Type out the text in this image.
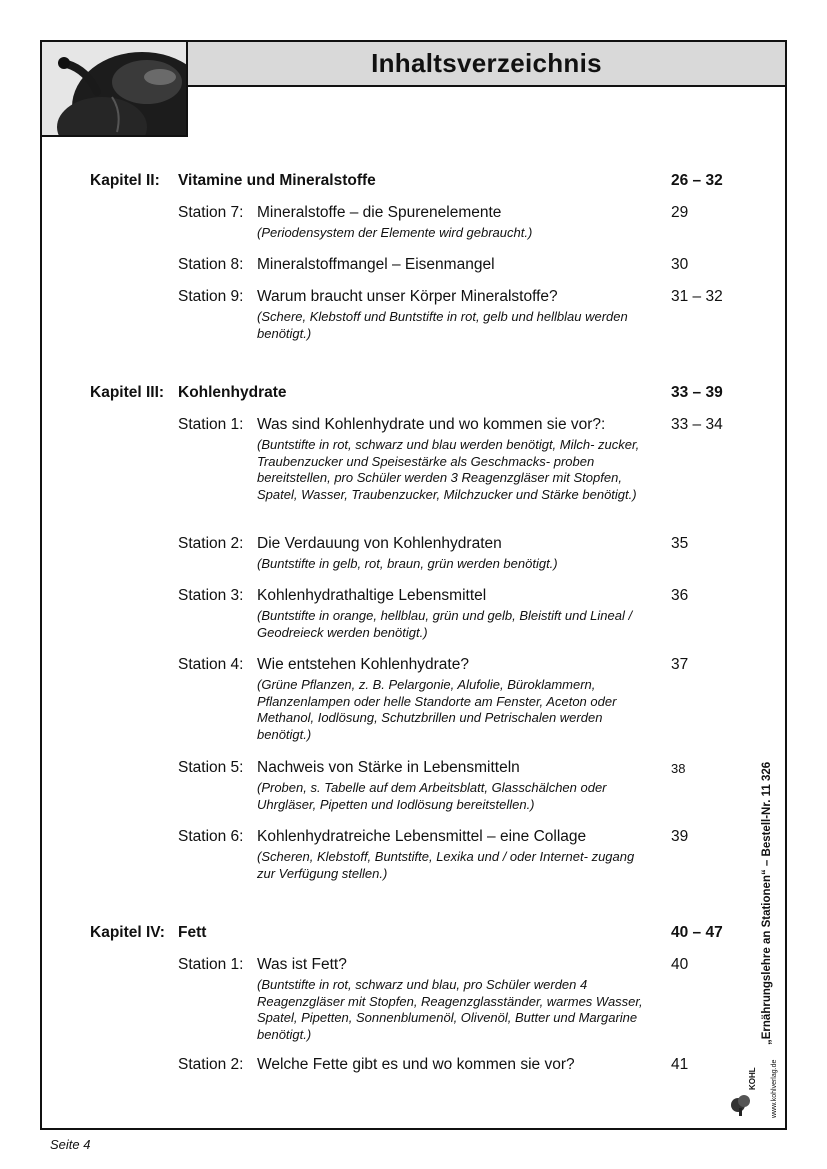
Inhaltsverzeichnis
Kapitel II:	Vitamine und Mineralstoffe	26 – 32
Station 7: Mineralstoffe – die Spurenelemente	29
(Periodensystem der Elemente wird gebraucht.)
Station 8: Mineralstoffmangel – Eisenmangel	30
Station 9: Warum braucht unser Körper Mineralstoffe?	31 – 32
(Schere, Klebstoff und Buntstifte in rot, gelb und hellblau werden benötigt.)
Kapitel III: Kohlenhydrate	33 – 39
Station 1: Was sind Kohlenhydrate und wo kommen sie vor?:	33 – 34
(Buntstifte in rot, schwarz und blau werden benötigt, Milch- zucker, Traubenzucker und Speisestärke als Geschmacks- proben bereitstellen, pro Schüler werden 3 Reagenzgläser mit Stopfen, Spatel, Wasser, Traubenzucker, Milchzucker und Stärke benötigt.)
Station 2: Die Verdauung von Kohlenhydraten	35
(Buntstifte in gelb, rot, braun, grün werden benötigt.)
Station 3: Kohlenhydrathaltige Lebensmittel	36
(Buntstifte in orange, hellblau, grün und gelb, Bleistift und Lineal / Geodreieck werden benötigt.)
Station 4: Wie entstehen Kohlenhydrate?	37
(Grüne Pflanzen, z. B. Pelargonie, Alufolie, Büroklammern, Pflanzenlampen oder helle Standorte am Fenster, Aceton oder Methanol, Iodlösung, Schutzbrillen und Petrischalen werden benötigt.)
Station 5: Nachweis von Stärke in Lebensmitteln	38
(Proben, s. Tabelle auf dem Arbeitsblatt, Glasschälchen oder Uhrgläser, Pipetten und Iodlösung bereitstellen.)
Station 6: Kohlenhydratreiche Lebensmittel – eine Collage	39
(Scheren, Klebstoff, Buntstifte, Lexika und / oder Internet- zugang zur Verfügung stellen.)
Kapitel IV: Fett	40 – 47
Station 1: Was ist Fett?	40
(Buntstifte in rot, schwarz und blau, pro Schüler werden 4 Reagenzgläser mit Stopfen, Reagenzglasständer, warmes Wasser, Spatel, Pipetten, Sonnenblumenöl, Olivenöl, Butter und Margarine benötigt.)
Station 2: Welche Fette gibt es und wo kommen sie vor?	41
„Ernährungslehre an Stationen“ – Bestell-Nr. 11 326
KOHL www.kohlverlag.de
Seite 4
